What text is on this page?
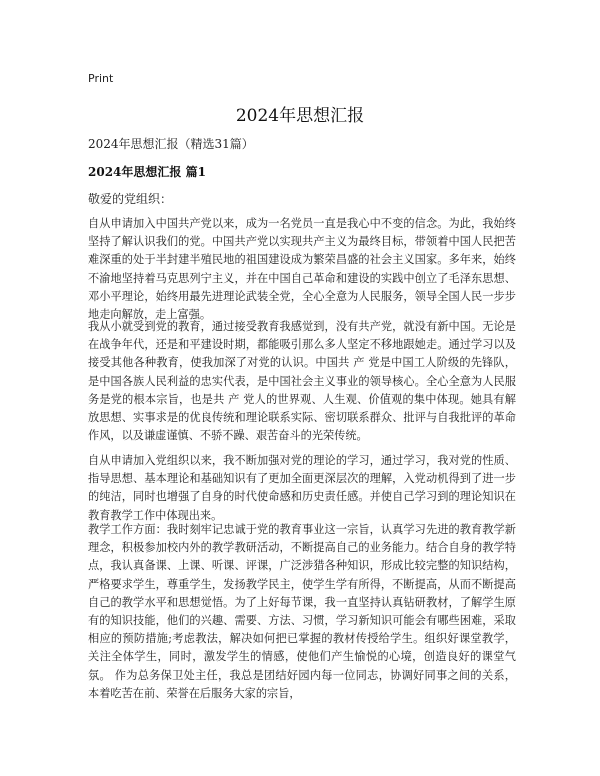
Print
2024年思想汇报
2024年思想汇报（精选31篇）
2024年思想汇报 篇1
敬爱的党组织：

自从申请加入中国共产党以来，成为一名党员一直是我心中不变的信念。为此，我始终坚持了解认识我们的党。中国共产党以实现共产主义为最终目标，带领着中国人民把苦难深重的处于半封建半殖民地的祖国建设成为繁荣昌盛的社会主义国家。多年来，始终不渝地坚持着马克思列宁主义，并在中国自己革命和建设的实践中创立了毛泽东思想、邓小平理论，始终用最先进理论武装全党，全心全意为人民服务，领导全国人民一步步地走向解放，走上富强。

我从小就受到党的教育，通过接受教育我感觉到，没有共产党，就没有新中国。无论是在战争年代，还是和平建设时期，都能吸引那么多人坚定不移地跟她走。通过学习以及接受其他各种教育，使我加深了对党的认识。中国共 产 党是中国工人阶级的先锋队，是中国各族人民利益的忠实代表，是中国社会主义事业的领导核心。全心全意为人民服务是党的根本宗旨，也是共 产 党人的世界观、人生观、价值观的集中体现。她具有解放思想、实事求是的优良传统和理论联系实际、密切联系群众、批评与自我批评的革命作风，以及谦虚谨慎、不骄不躁、艰苦奋斗的光荣传统。

自从申请加入党组织以来，我不断加强对党的理论的学习，通过学习，我对党的性质、指导思想、基本理论和基础知识有了更加全面更深层次的理解，入党动机得到了进一步的纯洁，同时也增强了自身的时代使命感和历史责任感。并使自己学习到的理论知识在教育教学工作中体现出来。

教学工作方面：我时刻牢记忠诚于党的教育事业这一宗旨，认真学习先进的教育教学新理念，积极参加校内外的教学教研活动，不断提高自己的业务能力。结合自身的教学特点，我认真备课、上课、听课、评课，广泛涉猎各种知识，形成比较完整的知识结构，严格要求学生，尊重学生，发扬教学民主，使学生学有所得，不断提高，从而不断提高自己的教学水平和思想觉悟。为了上好每节课，我一直坚持认真钻研教材，了解学生原有的知识技能，他们的兴趣、需要、方法、习惯，学习新知识可能会有哪些困难，采取相应的预防措施;考虑教法，解决如何把已掌握的教材传授给学生。组织好课堂教学，关注全体学生，同时，激发学生的情感，使他们产生愉悦的心境，创造良好的课堂气氛。 作为总务保卫处主任，我总是团结好园内每一位同志，协调好同事之间的关系，本着吃苦在前、荣誉在后服务大家的宗旨，
